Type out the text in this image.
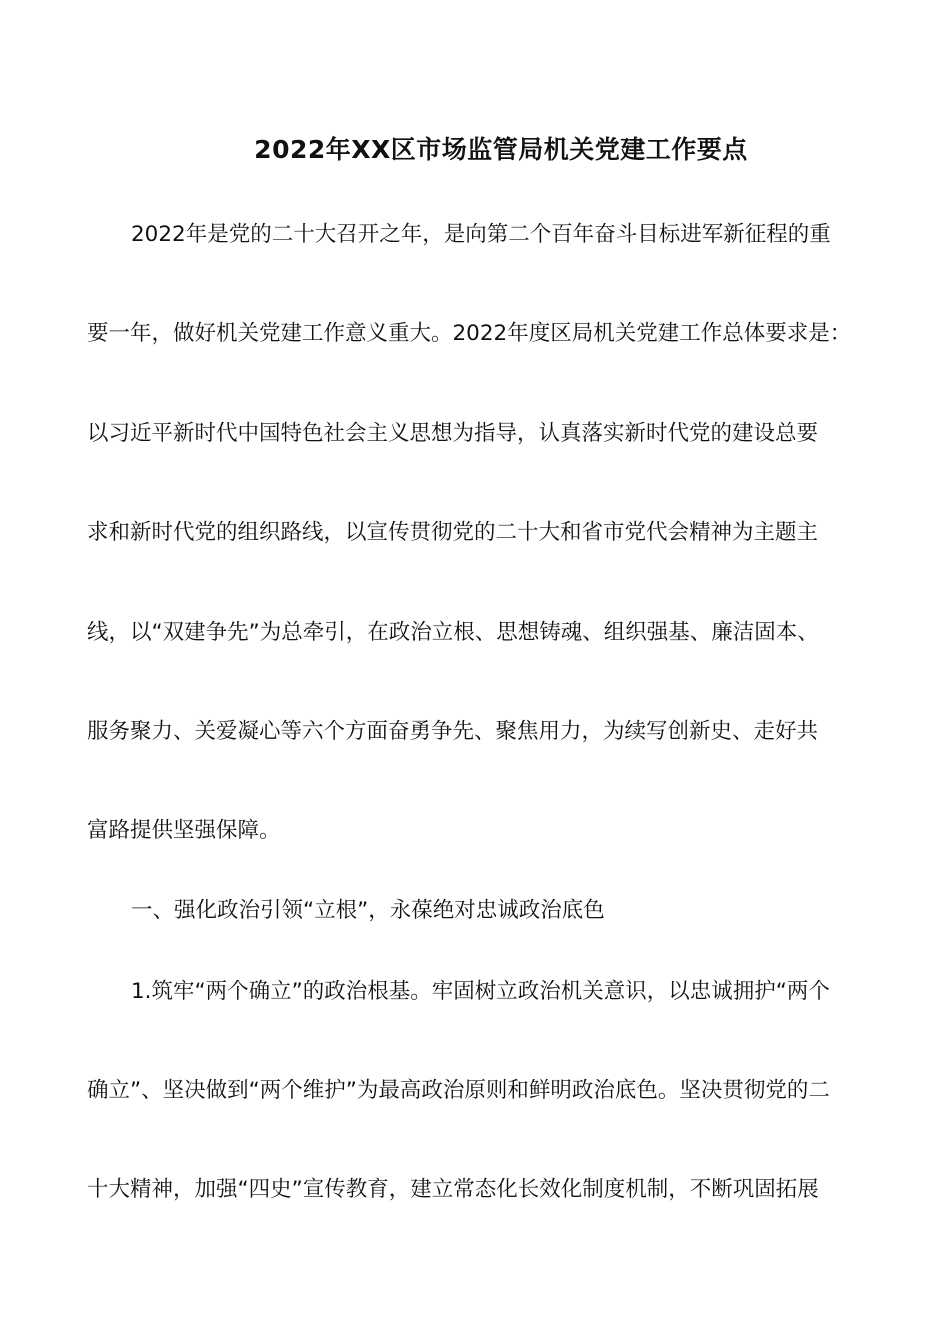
2022年XX区市场监管局机关党建工作要点

2022年是党的二十大召开之年，是向第二个百年奋斗目标进军新征程的重

要一年，做好机关党建工作意义重大。2022年度区局机关党建工作总体要求是：

以习近平新时代中国特色社会主义思想为指导，认真落实新时代党的建设总要

求和新时代党的组织路线，以宣传贯彻党的二十大和省市党代会精神为主题主

线，以“双建争先”为总牵引，在政治立根、思想铸魂、组织强基、廉洁固本、

服务聚力、关爱凝心等六个方面奋勇争先、聚焦用力，为续写创新史、走好共

富路提供坚强保障。

一、强化政治引领“立根”，永葆绝对忠诚政治底色

1.筑牢“两个确立”的政治根基。牢固树立政治机关意识，以忠诚拥护“两个

确立”、坚决做到“两个维护”为最高政治原则和鲜明政治底色。坚决贯彻党的二

十大精神，加强“四史”宣传教育，建立常态化长效化制度机制，不断巩固拓展
